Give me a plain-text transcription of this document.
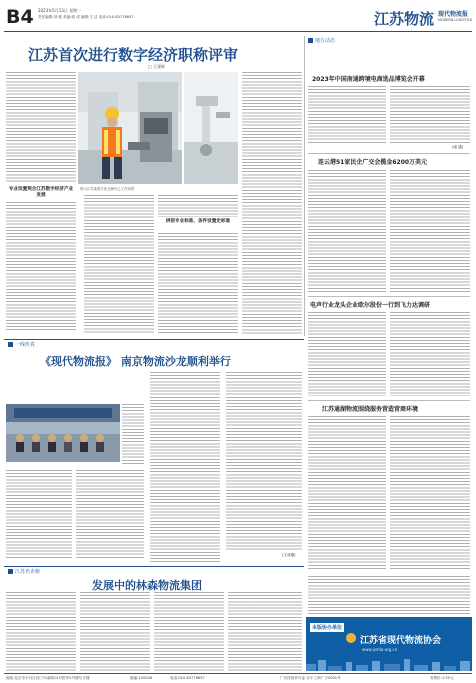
B4 2023年5月13日 星期一
责任编辑:刘 敏 美编:薛 成 编辑:王 洁 电话:010-83776857	江苏物流 现代物流报
MODERN LOGISTICS
江苏首次进行数字经济职称评审
□ 王建辉
专业设置契合江苏数字经济产业发展
图为江苏某数字化仓储中心工作场景
拼前专业标准、条件设置定标准
地方动态
2023年中国南通跨境电商选品博览会开幕
(南 通)
连云港51家民企广交会揽金6200万美元
电声行业龙头企业欧尔股份一行到飞力达调研
江苏通湖物流围绕服务营造营商环境
一线传真
《现代物流报》 南京物流沙龙顺利举行
(王成镇)
江苏名企榜
发展中的林森物流集团
本版协办单位
江苏省现代物流协会
www.jsmla.org.cn
地址:北京市丰台区西三环南路14号院甲2号楼写字楼	邮编:100048	电话:010-83776857	广告经营许可证:京丰工商广字0001号	零售价:1.50元
